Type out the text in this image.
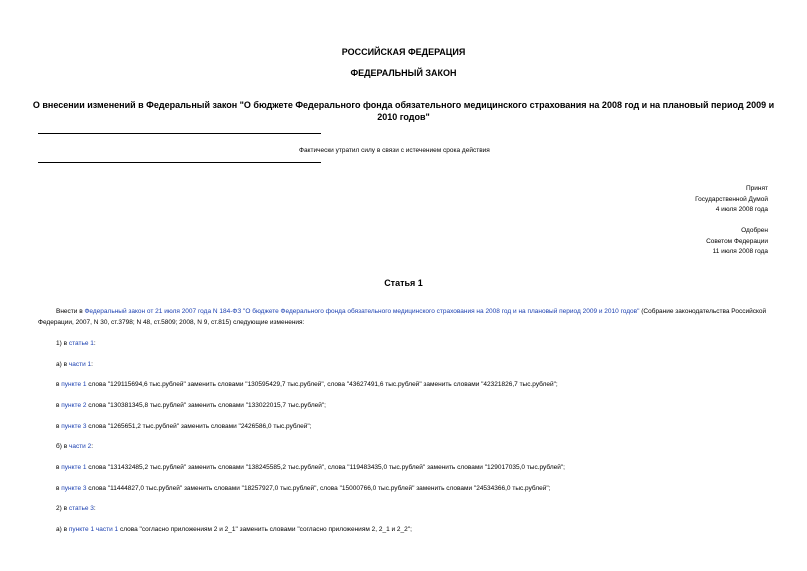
РОССИЙСКАЯ ФЕДЕРАЦИЯ
ФЕДЕРАЛЬНЫЙ ЗАКОН
О внесении изменений в Федеральный закон "О бюджете Федерального фонда обязательного медицинского страхования на 2008 год и на плановый период 2009 и 2010 годов"
Фактически утратил силу в связи с истечением срока действия
Принят
Государственной Думой
4 июля 2008 года
Одобрен
Советом Федерации
11 июля 2008 года
Статья 1
Внести в Федеральный закон от 21 июля 2007 года N 184-ФЗ "О бюджете Федерального фонда обязательного медицинского страхования на 2008 год и на плановый период 2009 и 2010 годов" (Собрание законодательства Российской Федерации, 2007, N 30, ст.3798; N 48, ст.5809; 2008, N 9, ст.815) следующие изменения:
1) в статье 1:
а) в части 1:
в пункте 1 слова "129115694,6 тыс.рублей" заменить словами "130595429,7 тыс.рублей", слова "43627491,6 тыс.рублей" заменить словами "42321826,7 тыс.рублей";
в пункте 2 слова "130381345,8 тыс.рублей" заменить словами "133022015,7 тыс.рублей";
в пункте 3 слова "1265651,2 тыс.рублей" заменить словами "2426586,0 тыс.рублей";
б) в части 2:
в пункте 1 слова "131432485,2 тыс.рублей" заменить словами "138245585,2 тыс.рублей", слова "119483435,0 тыс.рублей" заменить словами "129017035,0 тыс.рублей";
в пункте 3 слова "11444827,0 тыс.рублей" заменить словами "18257927,0 тыс.рублей", слова "15000766,0 тыс.рублей" заменить словами "24534366,0 тыс.рублей";
2) в статье 3:
а) в пункте 1 части 1 слова "согласно приложениям 2 и 2_1" заменить словами "согласно приложениям 2, 2_1 и 2_2";
